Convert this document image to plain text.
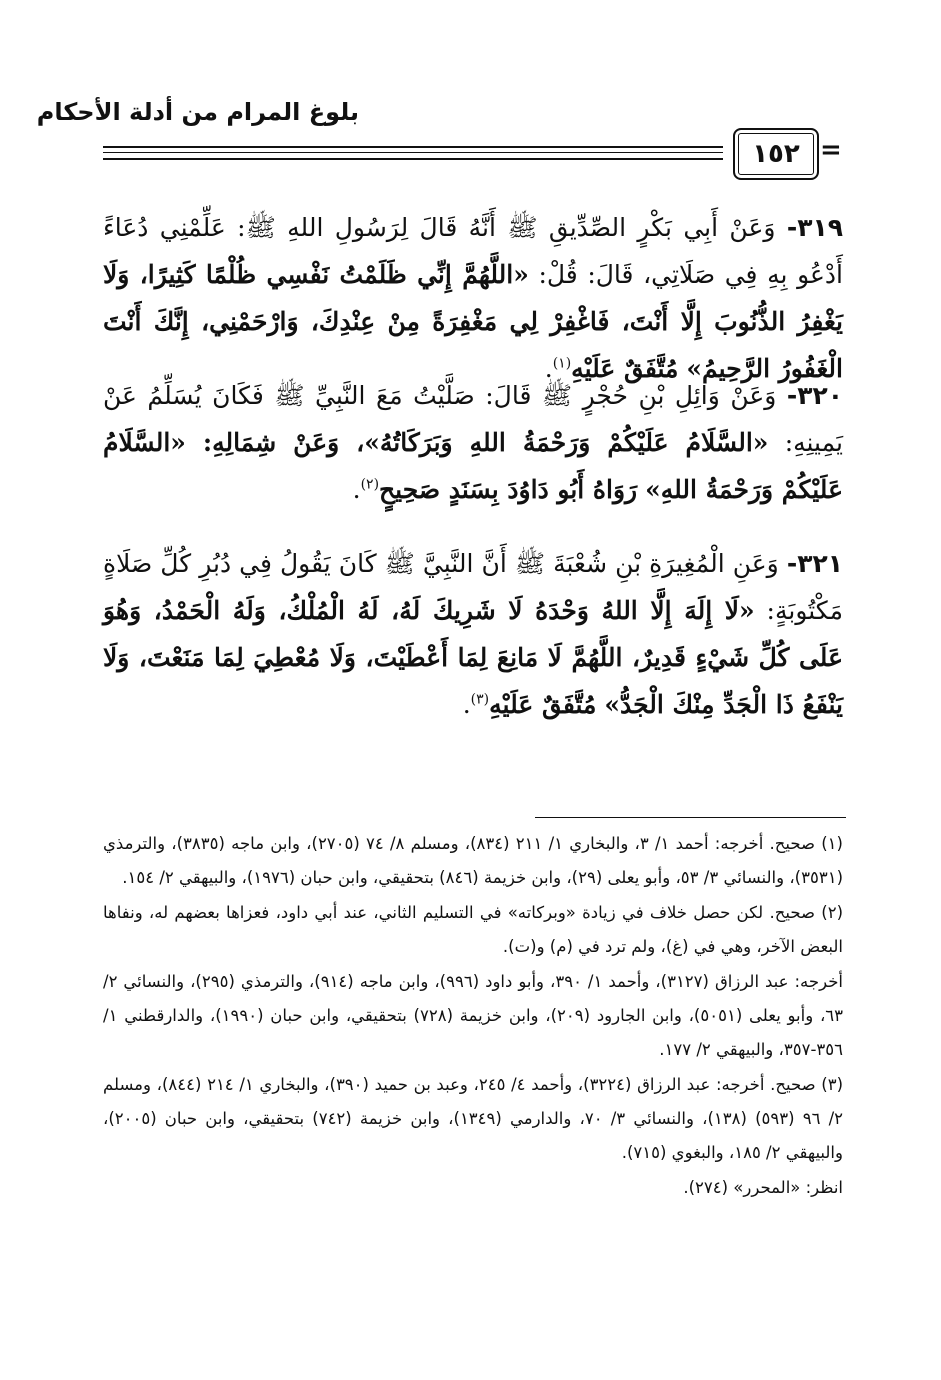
بلوغ المرام من أدلة الأحكام
١٥٢ =
٣١٩- وَعَنْ أَبِي بَكْرٍ الصِّدِّيقِ ﷺ أَنَّهُ قَالَ لِرَسُولِ اللهِ ﷺ: عَلِّمْنِي دُعَاءً أَدْعُو بِهِ فِي صَلَاتِي، قَالَ: قُلْ: «اللَّهُمَّ إِنِّي ظَلَمْتُ نَفْسِي ظُلْمًا كَثِيرًا، وَلَا يَغْفِرُ الذُّنُوبَ إِلَّا أَنْتَ، فَاغْفِرْ لِي مَغْفِرَةً مِنْ عِنْدِكَ، وَارْحَمْنِي، إِنَّكَ أَنْتَ الْغَفُورُ الرَّحِيمُ» مُتَّفَقٌ عَلَيْهِ$^{(١)}$.
٣٢٠- وَعَنْ وَائِلِ بْنِ حُجْرٍ ﷺ قَالَ: صَلَّيْتُ مَعَ النَّبِيِّ ﷺ فَكَانَ يُسَلِّمُ عَنْ يَمِينِهِ: «السَّلَامُ عَلَيْكُمْ وَرَحْمَةُ اللهِ وَبَرَكَاتُهُ»، وَعَنْ شِمَالِهِ: «السَّلَامُ عَلَيْكُمْ وَرَحْمَةُ اللهِ» رَوَاهُ أَبُو دَاوُدَ بِسَنَدٍ صَحِيحٍ$^{(٢)}$.
٣٢١- وَعَنِ الْمُغِيرَةِ بْنِ شُعْبَةَ ﷺ أَنَّ النَّبِيَّ ﷺ كَانَ يَقُولُ فِي دُبُرِ كُلِّ صَلَاةٍ مَكْتُوبَةٍ: «لَا إِلَهَ إِلَّا اللهُ وَحْدَهُ لَا شَرِيكَ لَهُ، لَهُ الْمُلْكُ، وَلَهُ الْحَمْدُ، وَهُوَ عَلَى كُلِّ شَيْءٍ قَدِيرٌ، اللَّهُمَّ لَا مَانِعَ لِمَا أَعْطَيْتَ، وَلَا مُعْطِيَ لِمَا مَنَعْتَ، وَلَا يَنْفَعُ ذَا الْجَدِّ مِنْكَ الْجَدُّ» مُتَّفَقٌ عَلَيْهِ$^{(٣)}$.

(١) صحيح. أخرجه: أحمد ١/ ٣، والبخاري ١/ ٢١١ (٨٣٤)، ومسلم ٨/ ٧٤ (٢٧٠٥)، وابن ماجه (٣٨٣٥)، والترمذي (٣٥٣١)، والنسائي ٣/ ٥٣، وأبو يعلى (٢٩)، وابن خزيمة (٨٤٦) بتحقيقي، وابن حبان (١٩٧٦)، والبيهقي ٢/ ١٥٤.

(٢) صحيح. لكن حصل خلاف في زيادة «وبركاته» في التسليم الثاني، عند أبي داود، فعزاها بعضهم له، ونفاها البعض الآخر، وهي في (غ)، ولم ترد في (م) و(ت).

أخرجه: عبد الرزاق (٣١٢٧)، وأحمد ١/ ٣٩٠، وأبو داود (٩٩٦)، وابن ماجه (٩١٤)، والترمذي (٢٩٥)، والنسائي ٢/ ٦٣، وأبو يعلى (٥٠٥١)، وابن الجارود (٢٠٩)، وابن خزيمة (٧٢٨) بتحقيقي، وابن حبان (١٩٩٠)، والدارقطني ١/ ٣٥٦-٣٥٧، والبيهقي ٢/ ١٧٧.

(٣) صحيح. أخرجه: عبد الرزاق (٣٢٢٤)، وأحمد ٤/ ٢٤٥، وعبد بن حميد (٣٩٠)، والبخاري ١/ ٢١٤ (٨٤٤)، ومسلم ٢/ ٩٦ (٥٩٣) (١٣٨)، والنسائي ٣/ ٧٠، والدارمي (١٣٤٩)، وابن خزيمة (٧٤٢) بتحقيقي، وابن حبان (٢٠٠٥)، والبيهقي ٢/ ١٨٥، والبغوي (٧١٥).

انظر: «المحرر» (٢٧٤).
